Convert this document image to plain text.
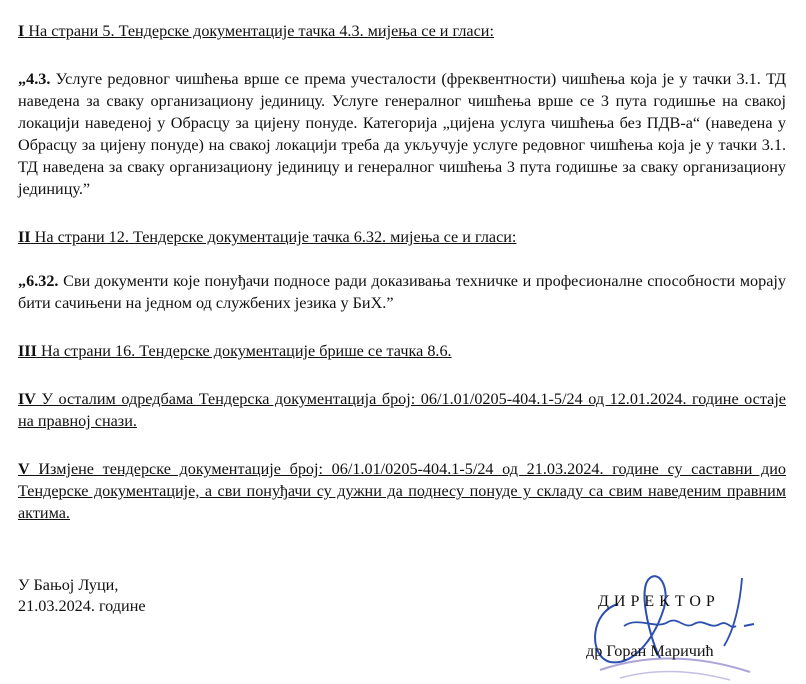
I На страни 5. Тендерске документације тачка 4.3. мијења се и гласи:

„4.3. Услуге редовног чишћења врше се према учесталости (фреквентности) чишћења која је у тачки 3.1. ТД наведена за сваку организациону јединицу. Услуге генералног чишћења врше се 3 пута годишње на свакој локацији наведеној у Обрасцу за цијену понуде. Категорија „цијена услуга чишћења без ПДВ-а“ (наведена у Обрасцу за цијену понуде) на свакој локацији треба да укључује услуге редовног чишћења која је у тачки 3.1. ТД наведена за сваку организациону јединицу и генералног чишћења 3 пута годишње за сваку организациону јединицу.”

II На страни 12. Тендерске документације тачка 6.32. мијења се и гласи:

„6.32. Сви документи које понуђачи подносе ради доказивања техничке и професионалне способности морају бити сачињени на једном од службених језика у БиХ.”

III На страни 16. Тендерске документације брише се тачка 8.6.

IV У осталим одредбама Тендерска документација број: 06/1.01/0205-404.1-5/24 од 12.01.2024. године остаје на правној снази.

V Измјене тендерске документације број: 06/1.01/0205-404.1-5/24 од 21.03.2024. године су саставни дио Тендерске документације, а сви понуђачи су дужни да поднесу понуде у складу са свим наведеним правним актима.

У Бањој Луци,
21.03.2024. године	ДИРЕКТОР
др Горан Маричић
